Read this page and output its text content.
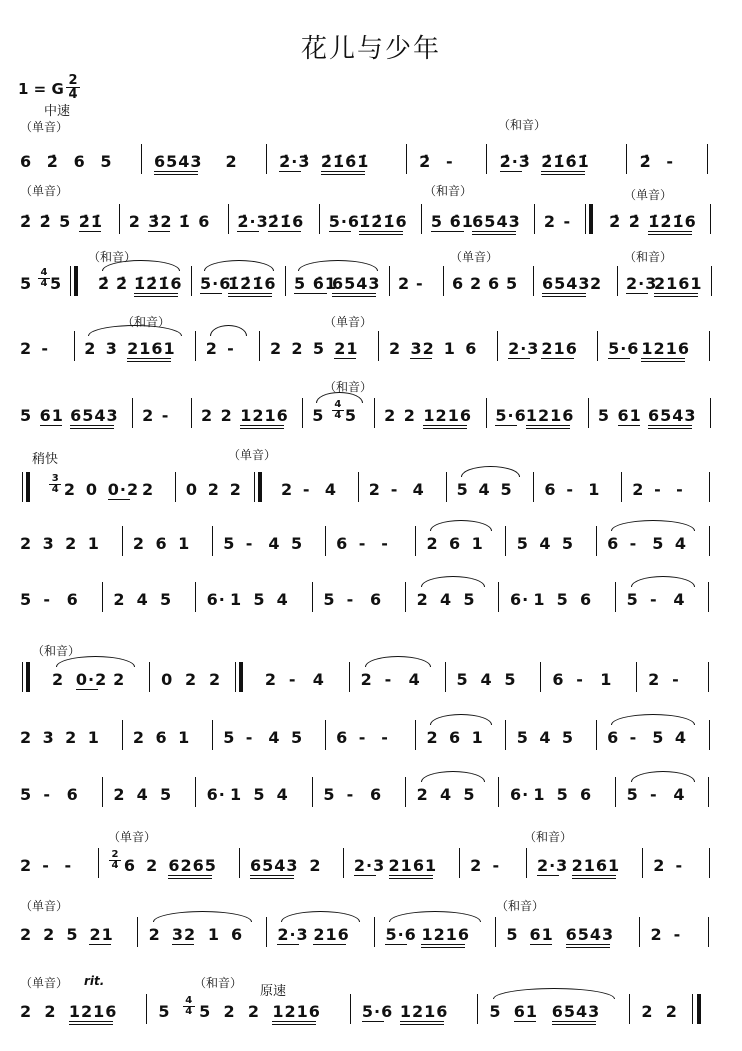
花儿与少年
1 = G 2
4
中速
（单音）	（和音）
（单音）	（和音）	（单音）
（和音）	（单音）	（和音）
（和音）	（单音）
（和音）
稍快	（单音）
（和音）
（单音）	（和音）
（单音）	（和音）
（单音） rit.	（和音）
原速
6 2̇ 6 5	6543	2	2̇·3̇ 2̇1̇6̇1̇	2̇ -	2̇·3̇ 2̇1̇6̇1̇	2̇ -
2̇ 2̇ 5 2̇1̇	2 3̇2 1̇ 6	2̇·3 2̇1̇6	5·6 1̇2̇1̇6 5 6̇1
6543 2 -	2̇ 2̇ 1̇2̇1̇6
5
4
4 5	2̇ 2̇ 1̇2̇1̇6 5·6
1̇2̇1̇6 5 6̇1
6543 2 -	6 2 6 5	6543 2	2·3
2161
2 -	2 3 2161	2 -	2 2 5 21	2 32 1 6	2·3 216	5·6 1216
5 61 6543 2 -	2 2 1216 5
4
4 5	2 2 1216 5·6 1216 5 61 6543
3
4 2 0 0·2 2	0 2 2	2 - 4	2 - 4	5 4 5	6 - 1	2 - -
2 3 2 1	2 6 1	5 - 4 5	6 - -	2 6 1	5 4 5	6 - 5 4
5 - 6	2 4 5	6· 1 5 4	5 - 6	2 4 5	6· 1 5 6	5 - 4
2 0·2 2	0 2 2	2 -	4	2 -	4	5 4 5	6 -	1	2 -
2 3 2 1	2 6 1	5 - 4 5	6 - -	2 6 1	5 4 5	6 - 5 4
5 - 6	2 4 5	6· 1 5 4	5 - 6	2 4 5	6· 1 5 6	5 - 4
2 - -
2
4 6 2 6265	6543 2	2·3 2161	2 -	2·3 2161	2 -
2 2 5 21	2 32 1 6	2·3 216	5·6 1216	5 61 6543	2 -
2 2 1216	5
4
4 5 2 2 1216	5·6 1216	5 61 6543	2 2
